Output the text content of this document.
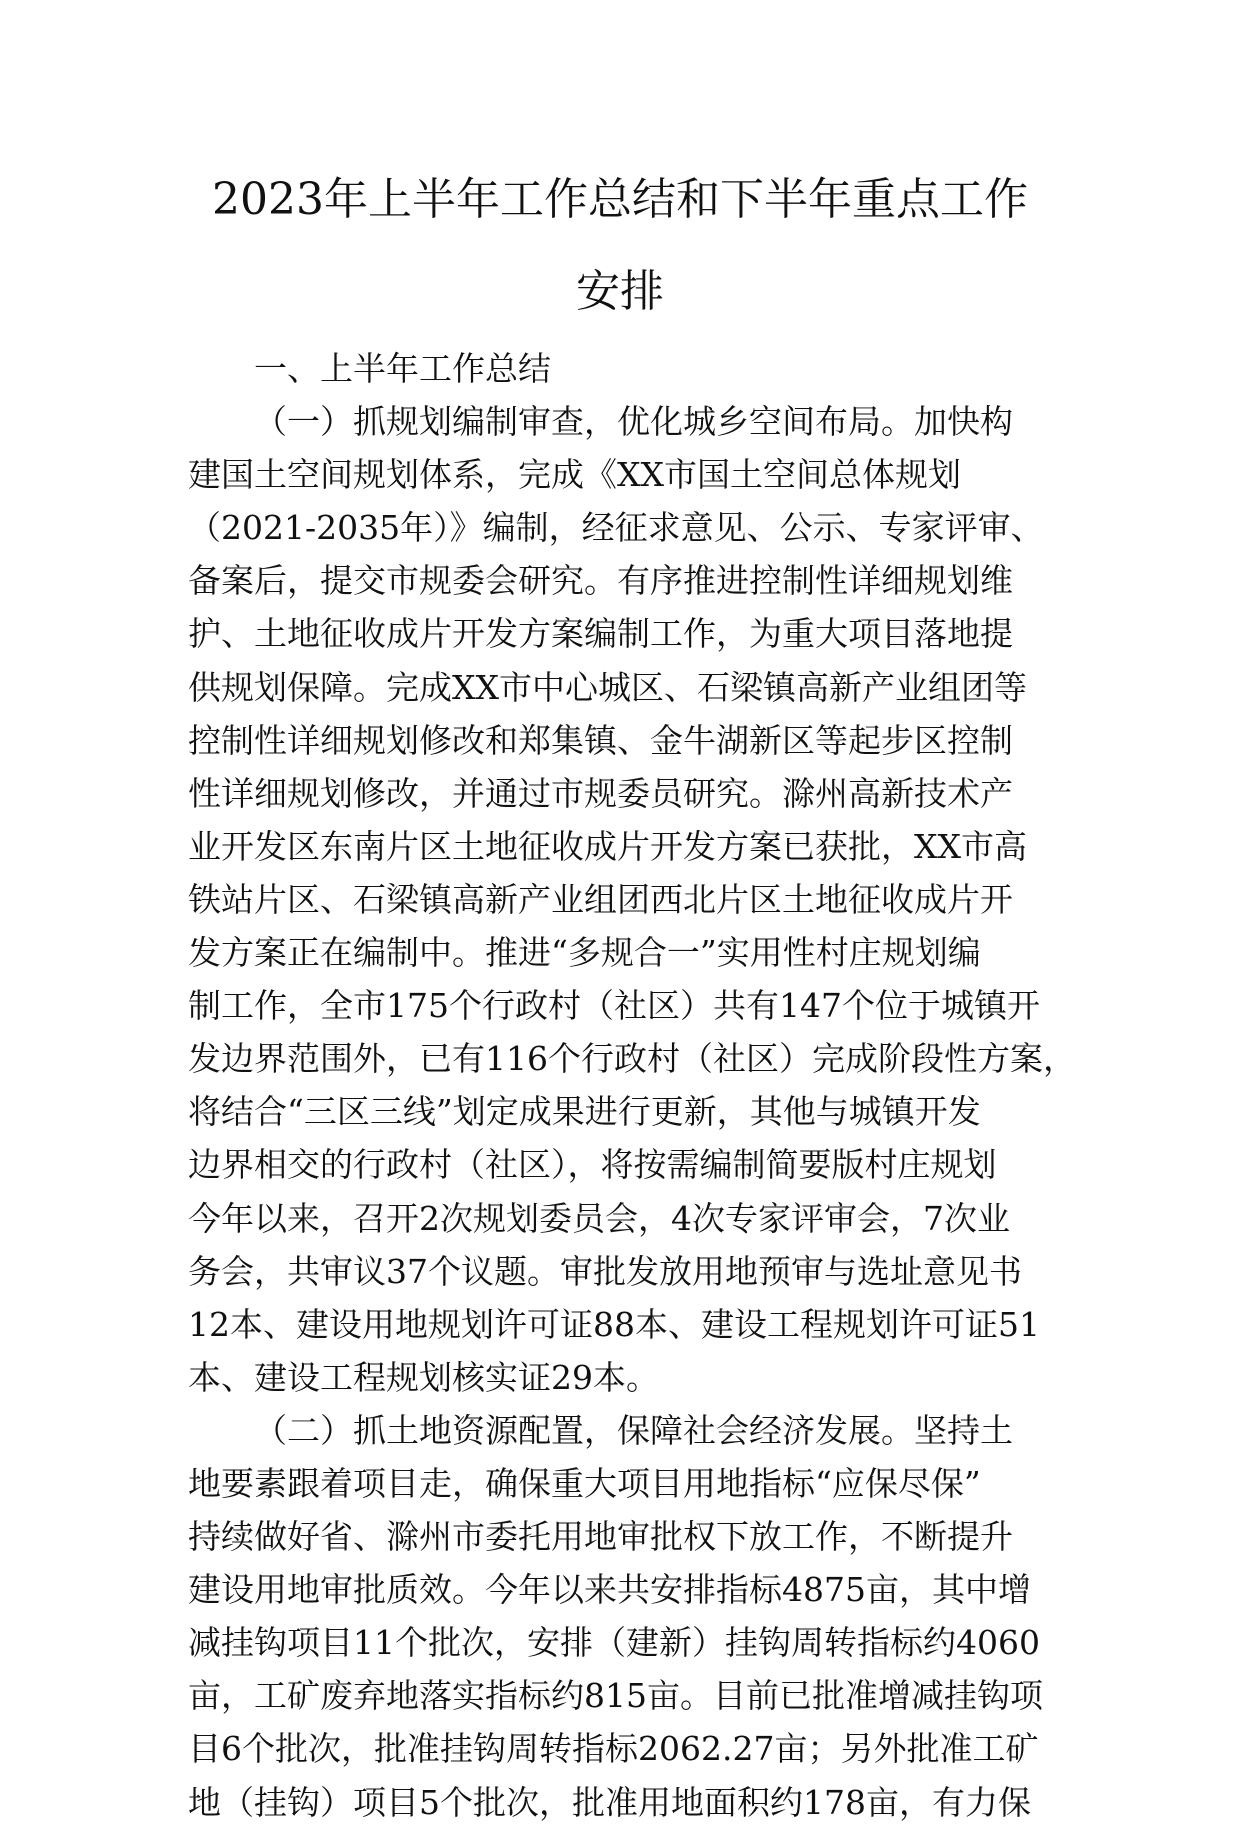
2023年上半年工作总结和下半年重点工作
安排
一、上半年工作总结
（一）抓规划编制审查，优化城乡空间布局。加快构
建国土空间规划体系，完成《XX市国土空间总体规划
（2021-2035年）》编制，经征求意见、公示、专家评审、
备案后，提交市规委会研究。有序推进控制性详细规划维
护、土地征收成片开发方案编制工作，为重大项目落地提
供规划保障。完成XX市中心城区、石梁镇高新产业组团等
控制性详细规划修改和郑集镇、金牛湖新区等起步区控制
性详细规划修改，并通过市规委员研究。滁州高新技术产
业开发区东南片区土地征收成片开发方案已获批，XX市高
铁站片区、石梁镇高新产业组团西北片区土地征收成片开
发方案正在编制中。推进“多规合一”实用性村庄规划编
制工作，全市175个行政村（社区）共有147个位于城镇开
发边界范围外，已有116个行政村（社区）完成阶段性方案，
将结合“三区三线”划定成果进行更新，其他与城镇开发
边界相交的行政村（社区），将按需编制简要版村庄规划
今年以来，召开2次规划委员会，4次专家评审会，7次业
务会，共审议37个议题。审批发放用地预审与选址意见书
12本、建设用地规划许可证88本、建设工程规划许可证51
本、建设工程规划核实证29本。
（二）抓土地资源配置，保障社会经济发展。坚持土
地要素跟着项目走，确保重大项目用地指标“应保尽保”
持续做好省、滁州市委托用地审批权下放工作，不断提升
建设用地审批质效。今年以来共安排指标4875亩，其中增
减挂钩项目11个批次，安排（建新）挂钩周转指标约4060
亩，工矿废弃地落实指标约815亩。目前已批准增减挂钩项
目6个批次，批准挂钩周转指标2062.27亩；另外批准工矿
地（挂钩）项目5个批次，批准用地面积约178亩，有力保
